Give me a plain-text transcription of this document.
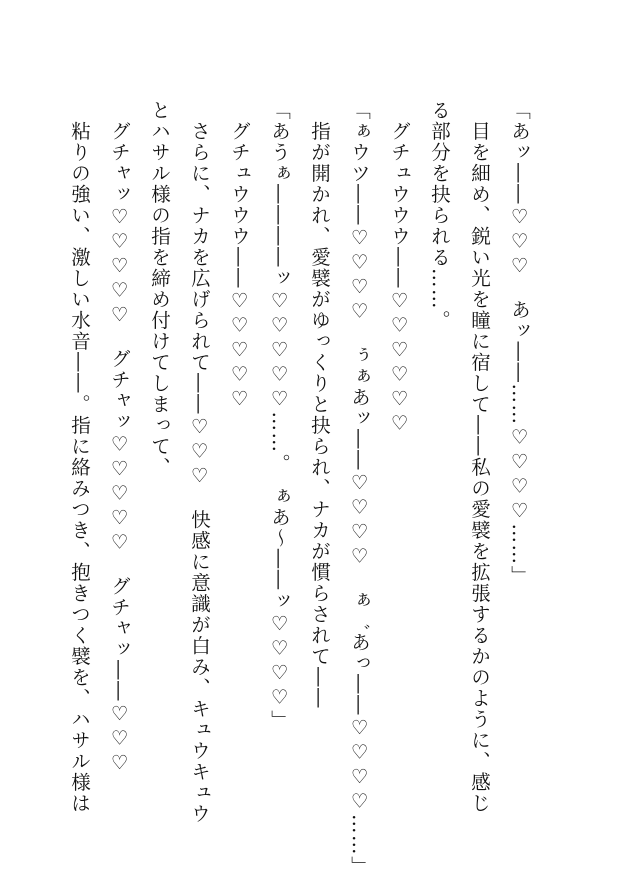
「あッ――♡♡♡　あッ――……♡♡♡♡……」
　目を細め、鋭い光を瞳に宿して――私の愛襞を拡張するかのように、感じ
る部分を抉られる……。
　グチュウウウ――♡♡♡♡♡♡
「ぁウツ――♡♡♡♡　ぅぁあッ――♡♡♡♡　ぁ゛あっ――♡♡♡♡……」
　指が開かれ、愛襞がゆっくりと抉られ、ナカが慣らされて――
「あうぁ――――ッ♡♡♡♡♡……。　ぁあ〜――ッ♡♡♡♡」
　グチュウウウ――♡♡♡♡♡
　さらに、ナカを広げられて――♡♡♡　快感に意識が白み、キュウキュウ
とハサル様の指を締め付けてしまって、
　グチャッ♡♡♡♡♡　グチャッ♡♡♡♡♡　グチャッ――♡♡♡
　粘りの強い、激しい水音――。指に絡みつき、抱きつく襞を、ハサル様は
